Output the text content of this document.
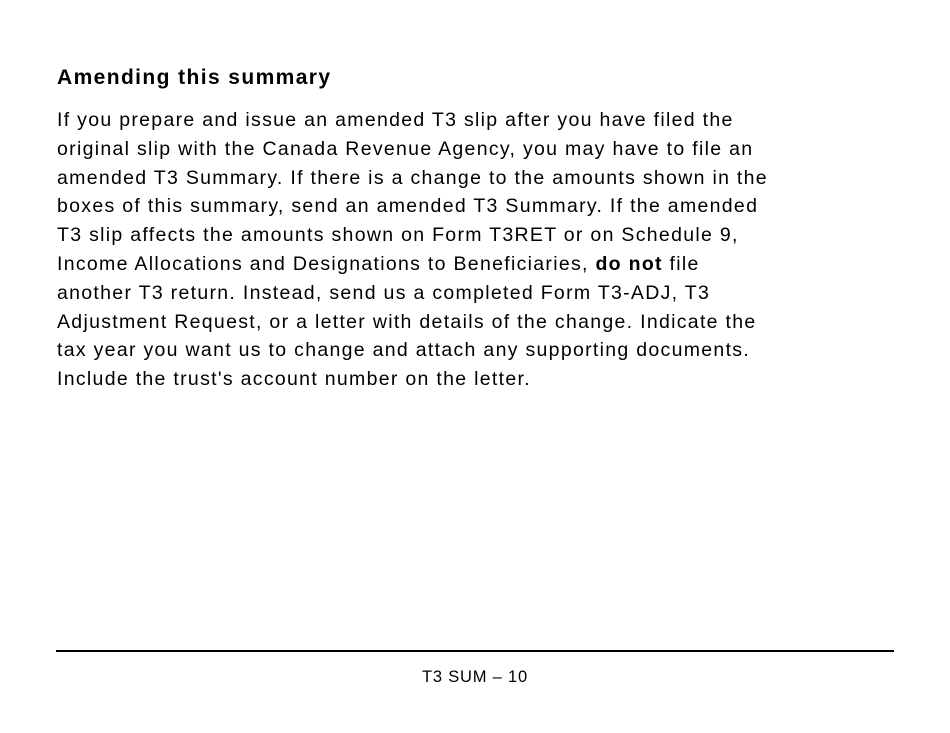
Amending this summary

If you prepare and issue an amended T3 slip after you have filed the
original slip with the Canada Revenue Agency, you may have to file an
amended T3 Summary. If there is a change to the amounts shown in the
boxes of this summary, send an amended T3 Summary. If the amended
T3 slip affects the amounts shown on Form T3RET or on Schedule 9,
Income Allocations and Designations to Beneficiaries, do not file
another T3 return. Instead, send us a completed Form T3-ADJ, T3
Adjustment Request, or a letter with details of the change. Indicate the
tax year you want us to change and attach any supporting documents.
Include the trust's account number on the letter.

T3 SUM – 10
